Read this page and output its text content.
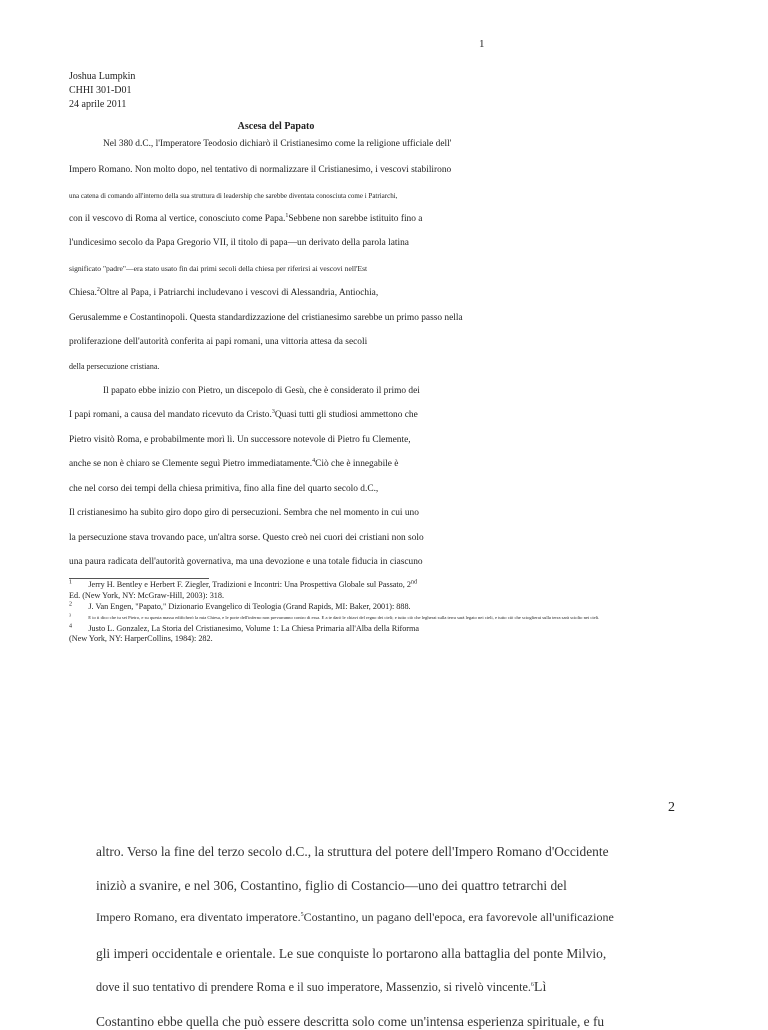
1
Joshua Lumpkin
CHHI 301-D01
24 aprile 2011
Ascesa del Papato
Nel 380 d.C., l'Imperatore Teodosio dichiarò il Cristianesimo come la religione ufficiale dell'
Impero Romano. Non molto dopo, nel tentativo di normalizzare il Cristianesimo, i vescovi stabilirono
una catena di comando all'interno della sua struttura di leadership che sarebbe diventata conosciuta come i Patriarchi,
con il vescovo di Roma al vertice, conosciuto come Papa.$^1$Sebbene non sarebbe istituito fino a
l'undicesimo secolo da Papa Gregorio VII, il titolo di papa—un derivato della parola latina
significato "padre"—era stato usato fin dai primi secoli della chiesa per riferirsi ai vescovi nell'Est
Chiesa.$^2$Oltre al Papa, i Patriarchi includevano i vescovi di Alessandria, Antiochia,
Gerusalemme e Costantinopoli. Questa standardizzazione del cristianesimo sarebbe un primo passo nella
proliferazione dell'autorità conferita ai papi romani, una vittoria attesa da secoli
della persecuzione cristiana.
Il papato ebbe inizio con Pietro, un discepolo di Gesù, che è considerato il primo dei
I papi romani, a causa del mandato ricevuto da Cristo.$^3$Quasi tutti gli studiosi ammettono che
Pietro visitò Roma, e probabilmente morì lì. Un successore notevole di Pietro fu Clemente,
anche se non è chiaro se Clemente seguì Pietro immediatamente.$^4$Ciò che è innegabile è
che nel corso dei tempi della chiesa primitiva, fino alla fine del quarto secolo d.C.,
Il cristianesimo ha subito giro dopo giro di persecuzioni. Sembra che nel momento in cui uno
la persecuzione stava trovando pace, un'altra sorse. Questo creò nei cuori dei cristiani non solo
una paura radicata dell'autorità governativa, ma una devozione e una totale fiducia in ciascuno
$^1$ Jerry H. Bentley e Herbert F. Ziegler, Tradizioni e Incontri: Una Prospettiva Globale sul Passato, 2nd
Ed. (New York, NY: McGraw-Hill, 2003): 318.
$^2$ J. Van Engen, "Papato," Dizionario Evangelico di Teologia (Grand Rapids, MI: Baker, 2001): 888.
$^3$               E io ti dico che tu sei Pietro, e su questa massa edificherò la mia Chiesa, e le porte dell'inferno non prevarranno contro di essa. E a te darò le chiavi del regno dei cieli; e tutto ciò che legherai sulla terra sarà legato nei cieli, e tutto ciò che scioglierai sulla terra sarà sciolto nei cieli.
$^4$ Justo L. Gonzalez, La Storia del Cristianesimo, Volume 1: La Chiesa Primaria all'Alba della Riforma
(New York, NY: HarperCollins, 1984): 282.
2
altro. Verso la fine del terzo secolo d.C., la struttura del potere dell'Impero Romano d'Occidente
iniziò a svanire, e nel 306, Costantino, figlio di Costancio—uno dei quattro tetrarchi del
Impero Romano, era diventato imperatore.$^5$Costantino, un pagano dell'epoca, era favorevole all'unificazione
gli imperi occidentale e orientale. Le sue conquiste lo portarono alla battaglia del ponte Milvio,
dove il suo tentativo di prendere Roma e il suo imperatore, Massenzio, si rivelò vincente.$^6$Lì
Costantino ebbe quella che può essere descritta solo come un'intensa esperienza spirituale, e fu
